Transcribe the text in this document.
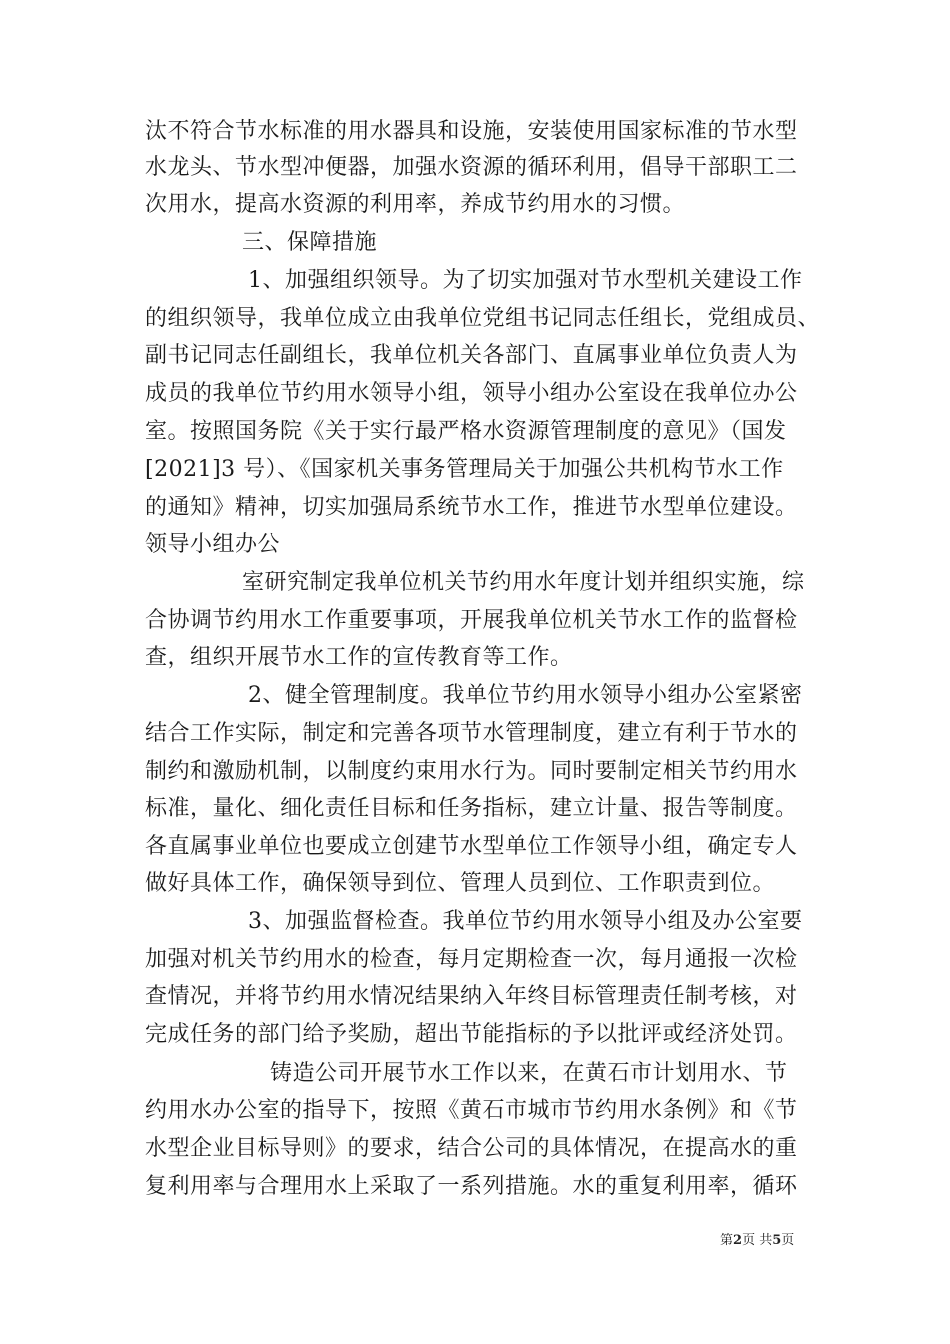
汰不符合节水标准的用水器具和设施，安装使用国家标准的节水型
水龙头、节水型冲便器，加强水资源的循环利用，倡导干部职工二
次用水，提高水资源的利用率，养成节约用水的习惯。
三、保障措施
1、加强组织领导。为了切实加强对节水型机关建设工作
的组织领导，我单位成立由我单位党组书记同志任组长，党组成员、
副书记同志任副组长，我单位机关各部门、直属事业单位负责人为
成员的我单位节约用水领导小组，领导小组办公室设在我单位办公
室。按照国务院《关于实行最严格水资源管理制度的意见》（国发
[2021]3 号）、《国家机关事务管理局关于加强公共机构节水工作
的通知》精神，切实加强局系统节水工作，推进节水型单位建设。
领导小组办公
室研究制定我单位机关节约用水年度计划并组织实施，综
合协调节约用水工作重要事项，开展我单位机关节水工作的监督检
查，组织开展节水工作的宣传教育等工作。
2、健全管理制度。我单位节约用水领导小组办公室紧密
结合工作实际，制定和完善各项节水管理制度，建立有利于节水的
制约和激励机制，以制度约束用水行为。同时要制定相关节约用水
标准，量化、细化责任目标和任务指标，建立计量、报告等制度。
各直属事业单位也要成立创建节水型单位工作领导小组，确定专人
做好具体工作，确保领导到位、管理人员到位、工作职责到位。
3、加强监督检查。我单位节约用水领导小组及办公室要
加强对机关节约用水的检查，每月定期检查一次，每月通报一次检
查情况，并将节约用水情况结果纳入年终目标管理责任制考核，对
完成任务的部门给予奖励，超出节能指标的予以批评或经济处罚。
铸造公司开展节水工作以来，在黄石市计划用水、节
约用水办公室的指导下，按照《黄石市城市节约用水条例》和《节
水型企业目标导则》的要求，结合公司的具体情况，在提高水的重
复利用率与合理用水上采取了一系列措施。水的重复利用率，循环
第2页 共5页
